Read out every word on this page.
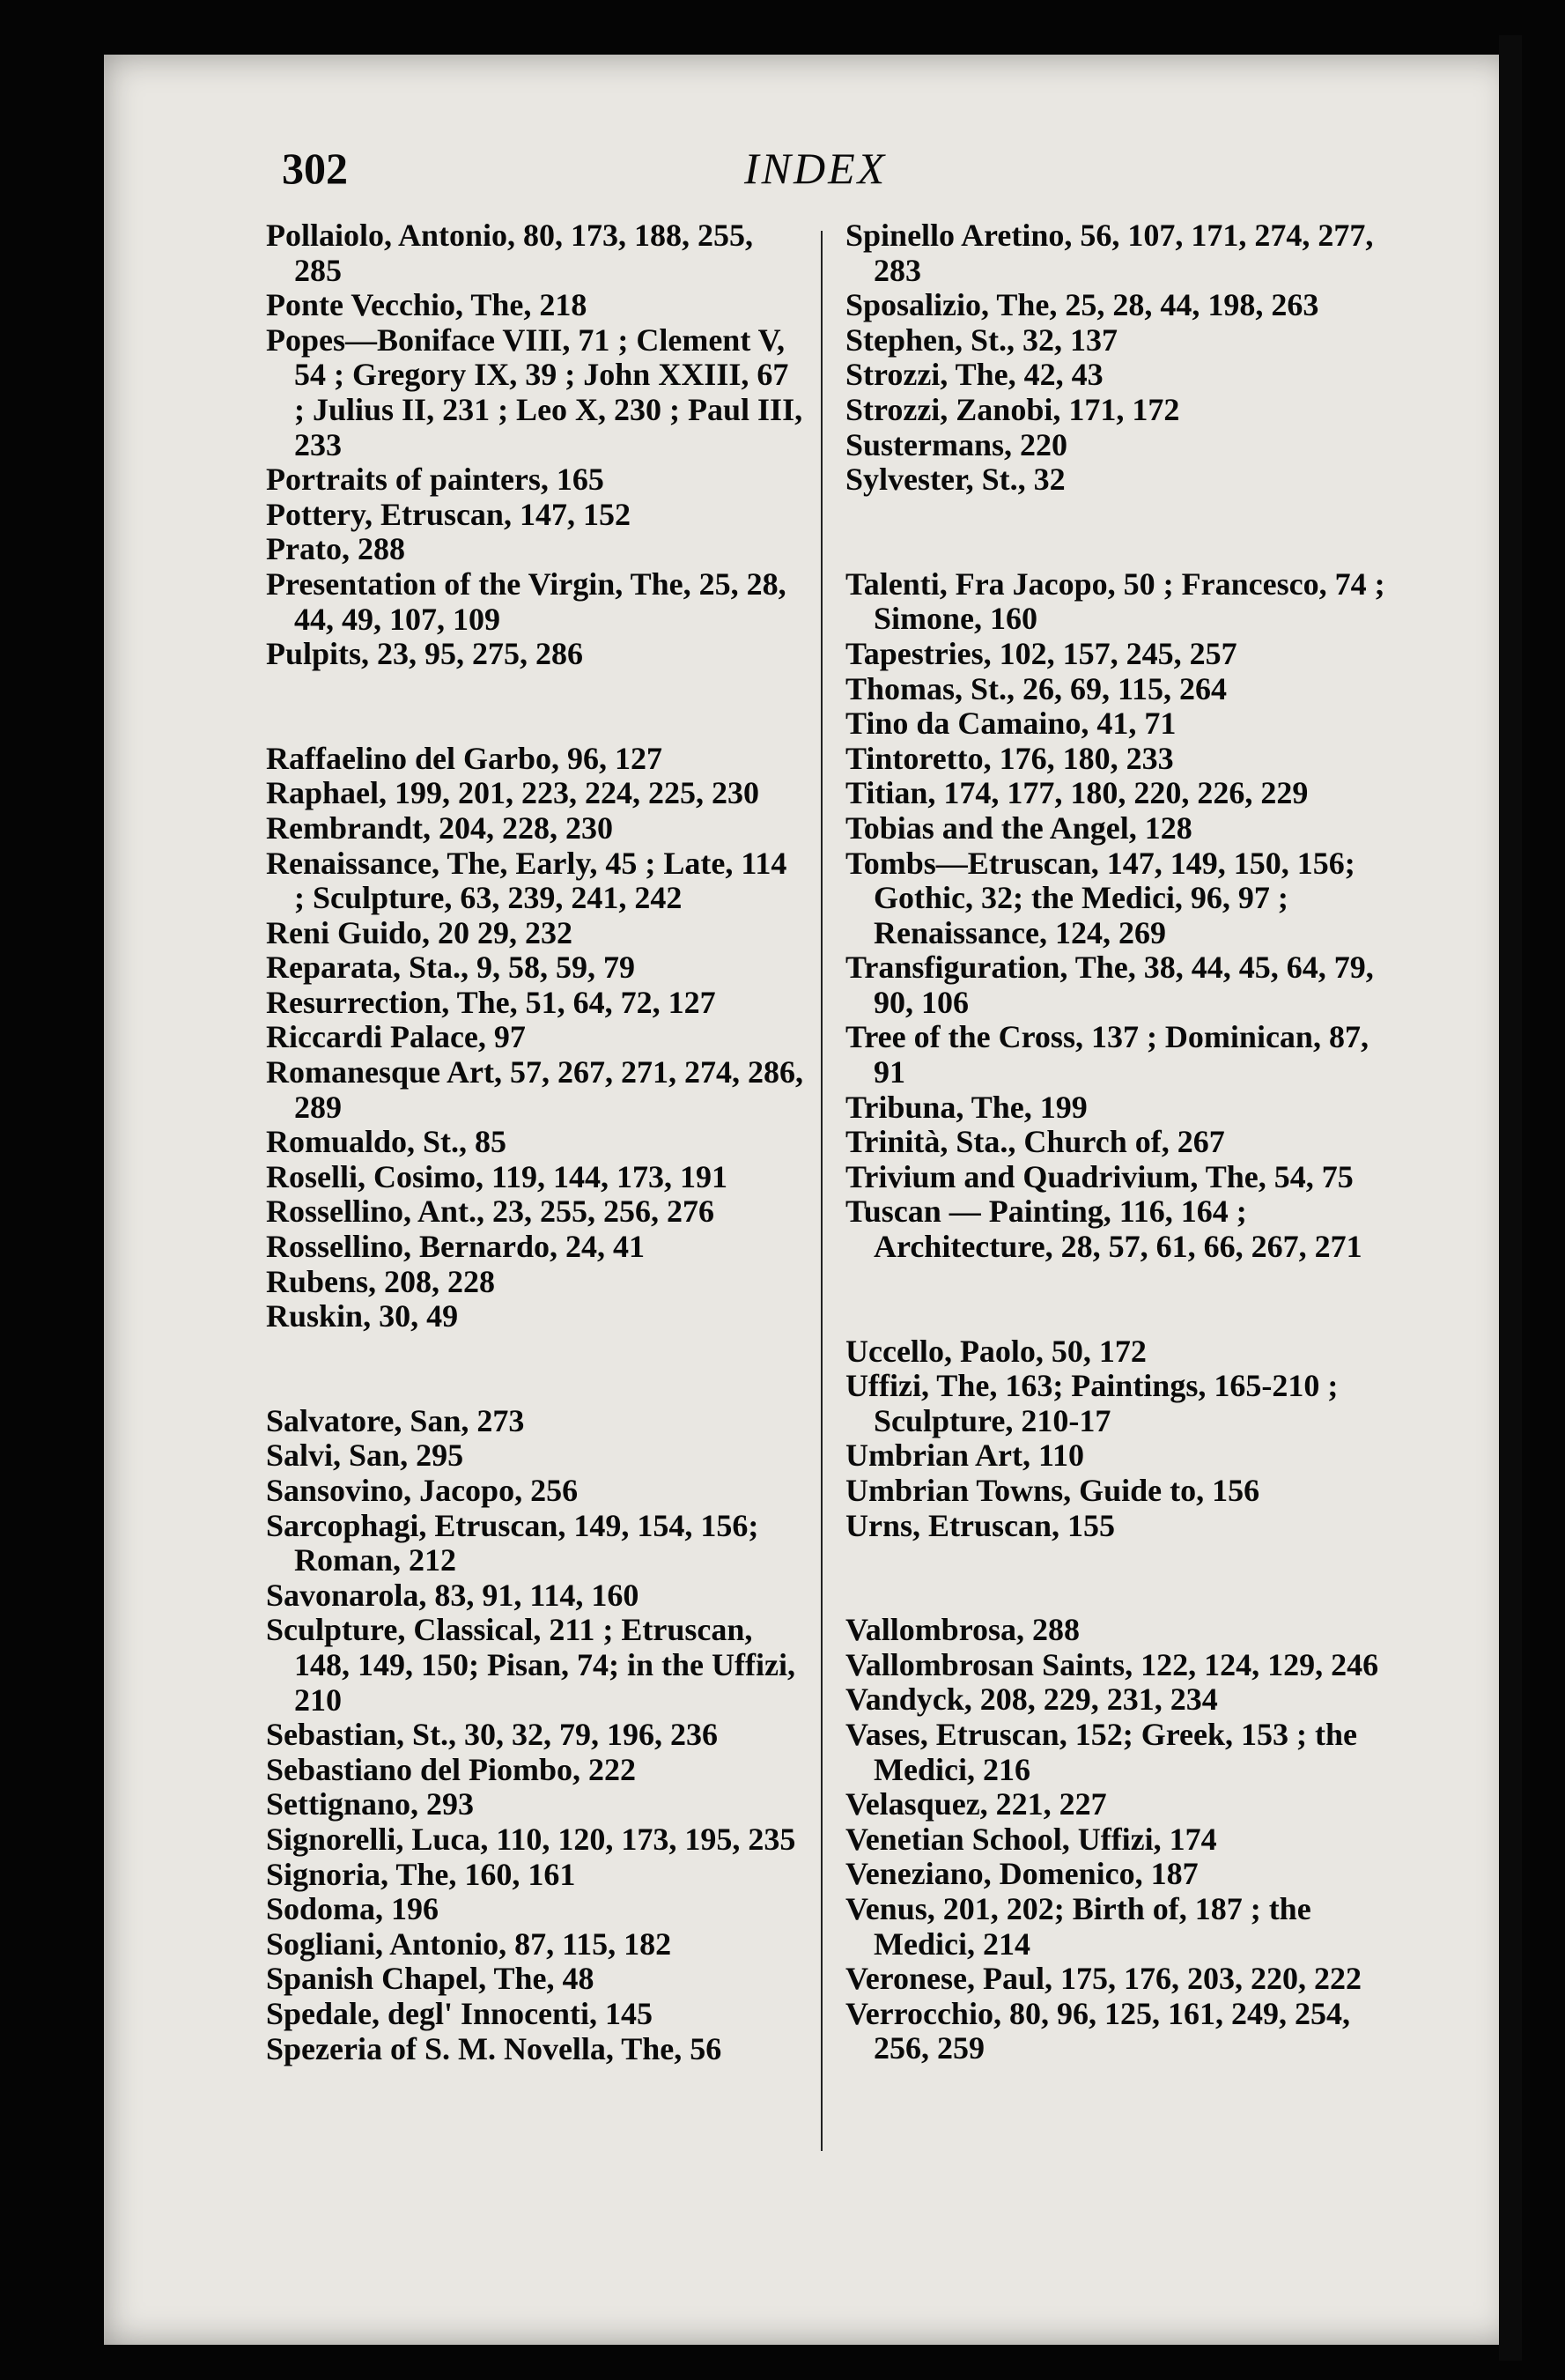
302	INDEX
Pollaiolo, Antonio, 80, 173, 188, 255, 285
Ponte Vecchio, The, 218
Popes—Boniface VIII, 71 ; Clement V, 54 ; Gregory IX, 39 ; John XXIII, 67 ; Julius II, 231 ; Leo X, 230 ; Paul III, 233
Portraits of painters, 165
Pottery, Etruscan, 147, 152
Prato, 288
Presentation of the Virgin, The, 25, 28, 44, 49, 107, 109
Pulpits, 23, 95, 275, 286
Raffaelino del Garbo, 96, 127
Raphael, 199, 201, 223, 224, 225, 230
Rembrandt, 204, 228, 230
Renaissance, The, Early, 45 ; Late, 114 ; Sculpture, 63, 239, 241, 242
Reni Guido, 20 29, 232
Reparata, Sta., 9, 58, 59, 79
Resurrection, The, 51, 64, 72, 127
Riccardi Palace, 97
Romanesque Art, 57, 267, 271, 274, 286, 289
Romualdo, St., 85
Roselli, Cosimo, 119, 144, 173, 191
Rossellino, Ant., 23, 255, 256, 276
Rossellino, Bernardo, 24, 41
Rubens, 208, 228
Ruskin, 30, 49
Salvatore, San, 273
Salvi, San, 295
Sansovino, Jacopo, 256
Sarcophagi, Etruscan, 149, 154, 156; Roman, 212
Savonarola, 83, 91, 114, 160
Sculpture, Classical, 211 ; Etruscan, 148, 149, 150; Pisan, 74; in the Uffizi, 210
Sebastian, St., 30, 32, 79, 196, 236
Sebastiano del Piombo, 222
Settignano, 293
Signorelli, Luca, 110, 120, 173, 195, 235
Signoria, The, 160, 161
Sodoma, 196
Sogliani, Antonio, 87, 115, 182
Spanish Chapel, The, 48
Spedale, degl' Innocenti, 145
Spezeria of S. M. Novella, The, 56
Spinello Aretino, 56, 107, 171, 274, 277, 283
Sposalizio, The, 25, 28, 44, 198, 263
Stephen, St., 32, 137
Strozzi, The, 42, 43
Strozzi, Zanobi, 171, 172
Sustermans, 220
Sylvester, St., 32
Talenti, Fra Jacopo, 50 ; Francesco, 74 ; Simone, 160
Tapestries, 102, 157, 245, 257
Thomas, St., 26, 69, 115, 264
Tino da Camaino, 41, 71
Tintoretto, 176, 180, 233
Titian, 174, 177, 180, 220, 226, 229
Tobias and the Angel, 128
Tombs—Etruscan, 147, 149, 150, 156; Gothic, 32; the Medici, 96, 97 ; Renaissance, 124, 269
Transfiguration, The, 38, 44, 45, 64, 79, 90, 106
Tree of the Cross, 137 ; Dominican, 87, 91
Tribuna, The, 199
Trinità, Sta., Church of, 267
Trivium and Quadrivium, The, 54, 75
Tuscan — Painting, 116, 164 ; Architecture, 28, 57, 61, 66, 267, 271
Uccello, Paolo, 50, 172
Uffizi, The, 163; Paintings, 165-210 ; Sculpture, 210-17
Umbrian Art, 110
Umbrian Towns, Guide to, 156
Urns, Etruscan, 155
Vallombrosa, 288
Vallombrosan Saints, 122, 124, 129, 246
Vandyck, 208, 229, 231, 234
Vases, Etruscan, 152; Greek, 153 ; the Medici, 216
Velasquez, 221, 227
Venetian School, Uffizi, 174
Veneziano, Domenico, 187
Venus, 201, 202; Birth of, 187 ; the Medici, 214
Veronese, Paul, 175, 176, 203, 220, 222
Verrocchio, 80, 96, 125, 161, 249, 254, 256, 259
